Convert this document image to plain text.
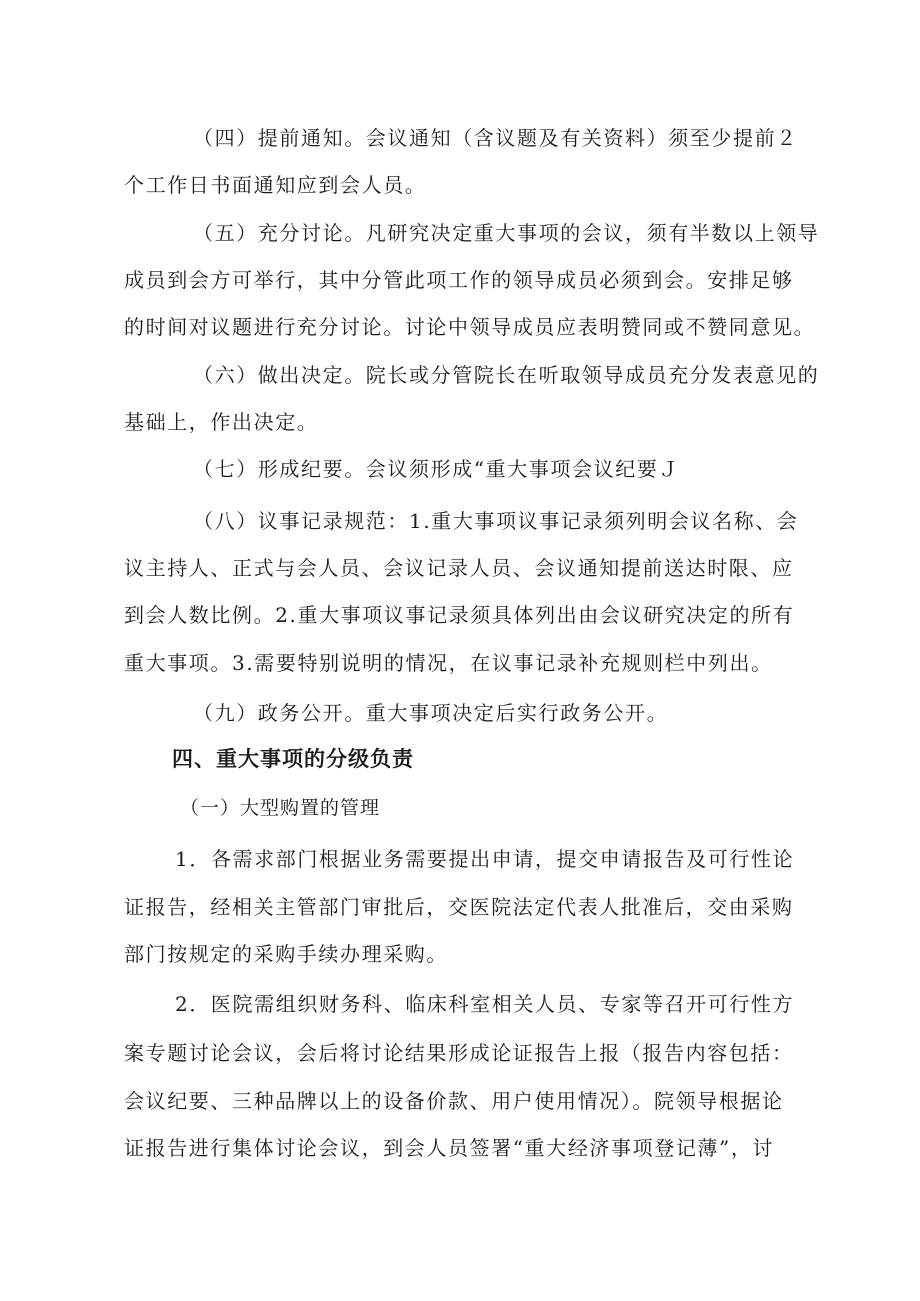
（四）提前通知。会议通知（含议题及有关资料）须至少提前２
个工作日书面通知应到会人员。
（五）充分讨论。凡研究决定重大事项的会议，须有半数以上领导
成员到会方可举行，其中分管此项工作的领导成员必须到会。安排足够
的时间对议题进行充分讨论。讨论中领导成员应表明赞同或不赞同意见。
（六）做出决定。院长或分管院长在听取领导成员充分发表意见的
基础上，作出决定。
（七）形成纪要。会议须形成“重大事项会议纪要Ｊ
（八）议事记录规范：1.重大事项议事记录须列明会议名称、会
议主持人、正式与会人员、会议记录人员、会议通知提前送达时限、应
到会人数比例。2.重大事项议事记录须具体列出由会议研究决定的所有
重大事项。3.需要特别说明的情况，在议事记录补充规则栏中列出。
（九）政务公开。重大事项决定后实行政务公开。
四、重大事项的分级负责
（一）大型购置的管理
1．各需求部门根据业务需要提出申请，提交申请报告及可行性论
证报告，经相关主管部门审批后，交医院法定代表人批准后，交由采购
部门按规定的采购手续办理采购。
2．医院需组织财务科、临床科室相关人员、专家等召开可行性方
案专题讨论会议，会后将讨论结果形成论证报告上报（报告内容包括：
会议纪要、三种品牌以上的设备价款、用户使用情况）。院领导根据论
证报告进行集体讨论会议，到会人员签署“重大经济事项登记薄”，讨
